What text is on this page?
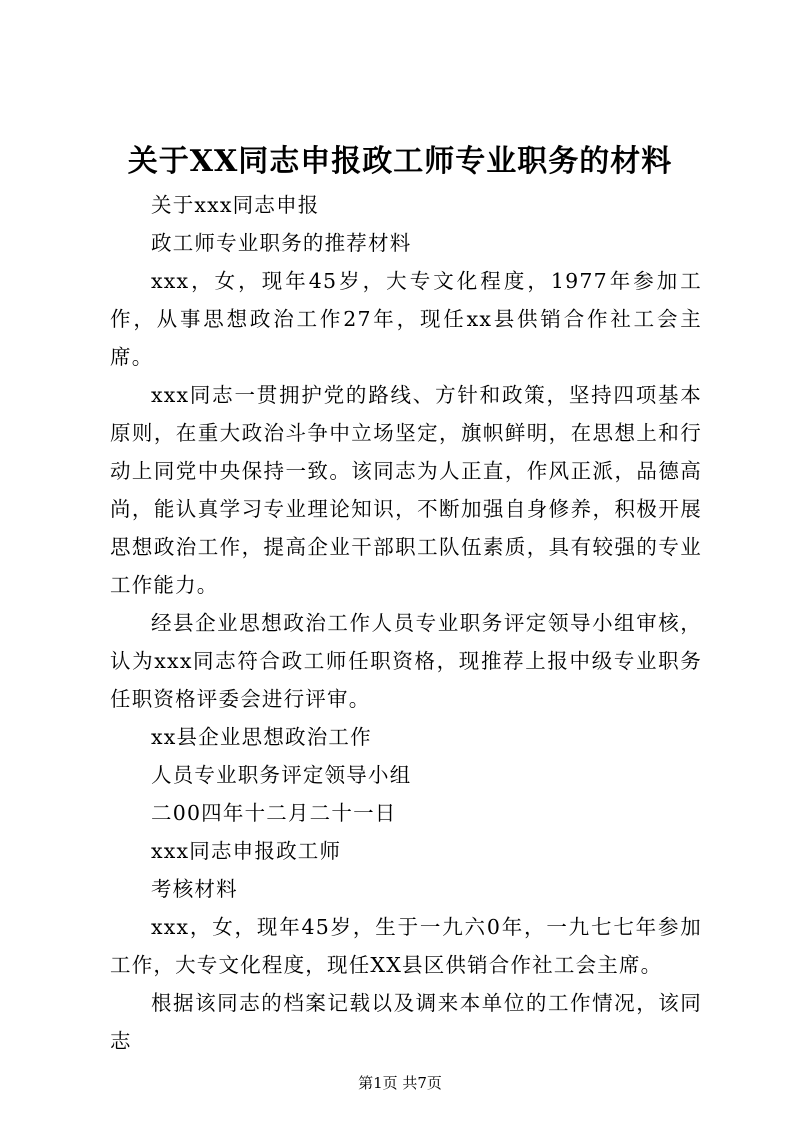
关于XX同志申报政工师专业职务的材料

关于xxx同志申报

政工师专业职务的推荐材料

xxx，女，现年45岁，大专文化程度，1977年参加工作，从事思想政治工作27年，现任xx县供销合作社工会主席。

xxx同志一贯拥护党的路线、方针和政策，坚持四项基本原则，在重大政治斗争中立场坚定，旗帜鲜明，在思想上和行动上同党中央保持一致。该同志为人正直，作风正派，品德高尚，能认真学习专业理论知识，不断加强自身修养，积极开展思想政治工作，提高企业干部职工队伍素质，具有较强的专业工作能力。

经县企业思想政治工作人员专业职务评定领导小组审核，认为xxx同志符合政工师任职资格，现推荐上报中级专业职务任职资格评委会进行评审。

xx县企业思想政治工作

人员专业职务评定领导小组

二00四年十二月二十一日

xxx同志申报政工师

考核材料

xxx，女，现年45岁，生于一九六0年，一九七七年参加工作，大专文化程度，现任XX县区供销合作社工会主席。

根据该同志的档案记载以及调来本单位的工作情况，该同志

第1页 共7页
